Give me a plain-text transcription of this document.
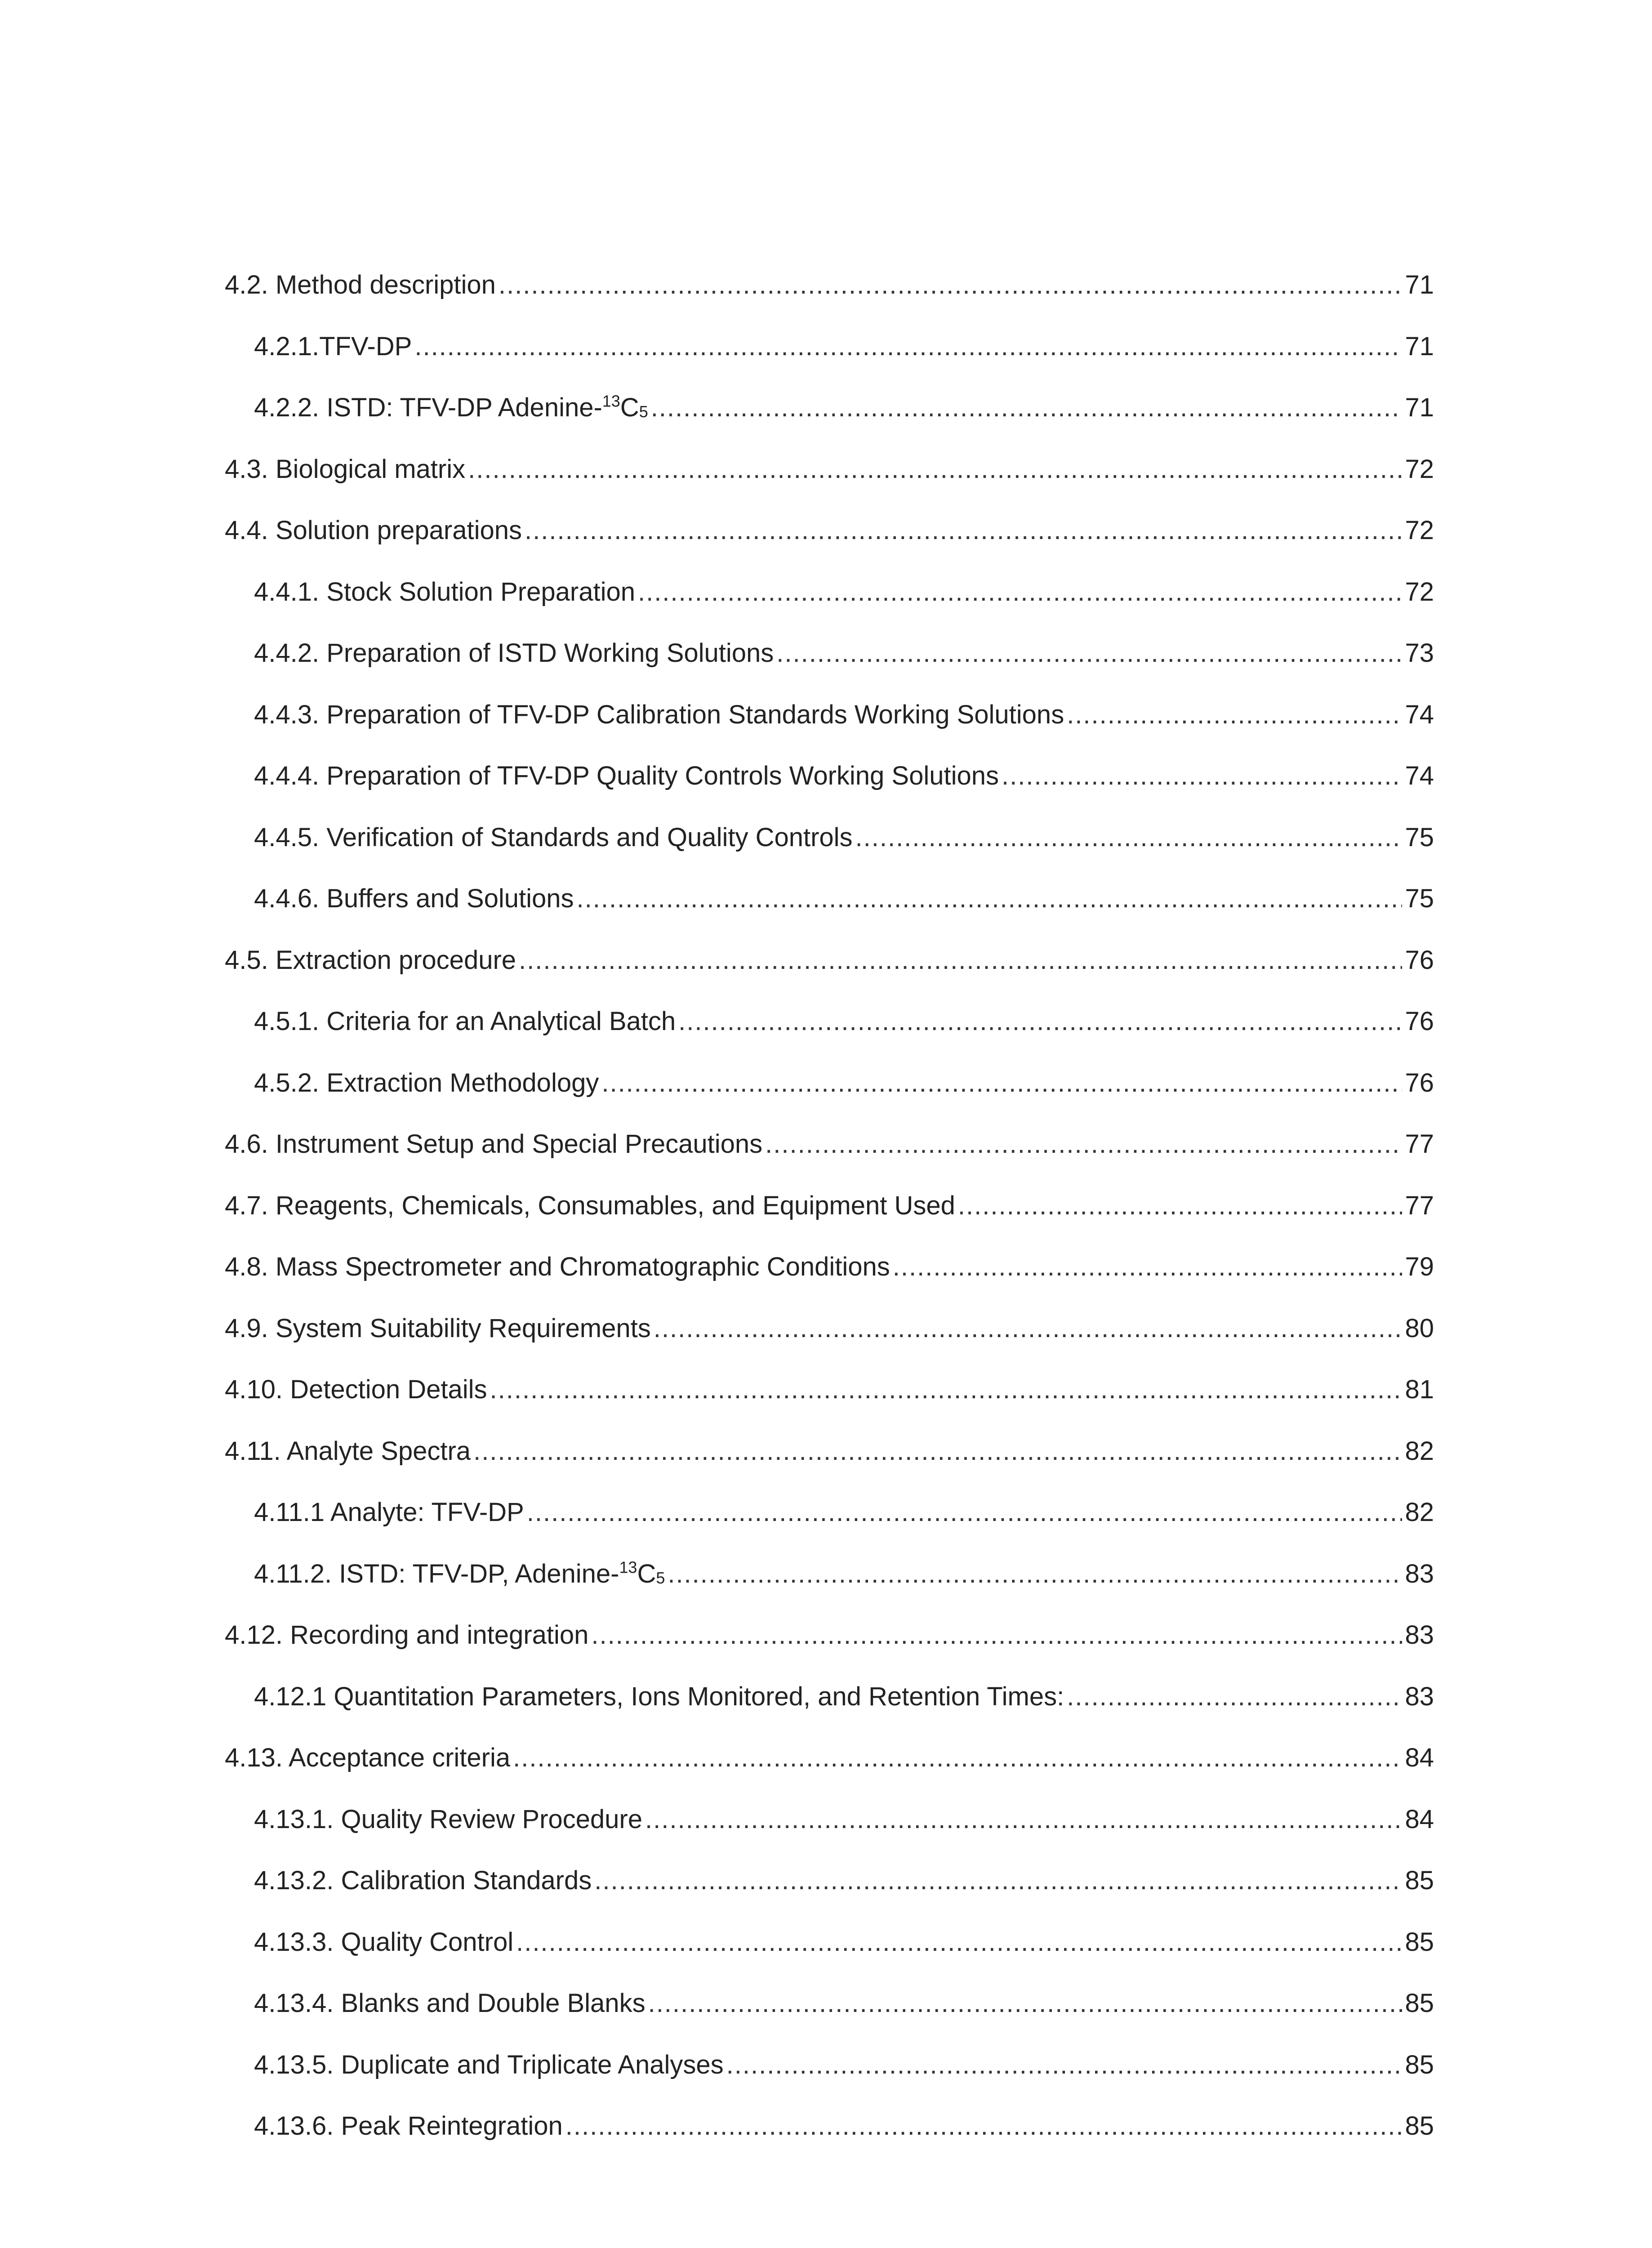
4.2. Method description .....	71
4.2.1.TFV-DP .....	71
4.2.2. ISTD: TFV-DP Adenine-$^{13}C_5$ .....	71
4.3. Biological matrix .....	72
4.4. Solution preparations .....	72
4.4.1. Stock Solution Preparation .....	72
4.4.2. Preparation of ISTD Working Solutions .....	73
4.4.3. Preparation of TFV-DP Calibration Standards Working Solutions .....	74
4.4.4. Preparation of TFV-DP Quality Controls Working Solutions .....	74
4.4.5. Verification of Standards and Quality Controls .....	75
4.4.6. Buffers and Solutions .....	75
4.5. Extraction procedure .....	76
4.5.1. Criteria for an Analytical Batch .....	76
4.5.2. Extraction Methodology .....	76
4.6. Instrument Setup and Special Precautions .....	77
4.7. Reagents, Chemicals, Consumables, and Equipment Used .....	77
4.8. Mass Spectrometer and Chromatographic Conditions .....	79
4.9. System Suitability Requirements .....	80
4.10. Detection Details .....	81
4.11. Analyte Spectra .....	82
4.11.1 Analyte: TFV-DP .....	82
4.11.2. ISTD: TFV-DP, Adenine-$^{13}C_5$ .....	83
4.12. Recording and integration .....	83
4.12.1 Quantitation Parameters, Ions Monitored, and Retention Times: .....	83
4.13. Acceptance criteria .....	84
4.13.1. Quality Review Procedure .....	84
4.13.2. Calibration Standards .....	85
4.13.3. Quality Control .....	85
4.13.4. Blanks and Double Blanks .....	85
4.13.5. Duplicate and Triplicate Analyses .....	85
4.13.6. Peak Reintegration .....	85
